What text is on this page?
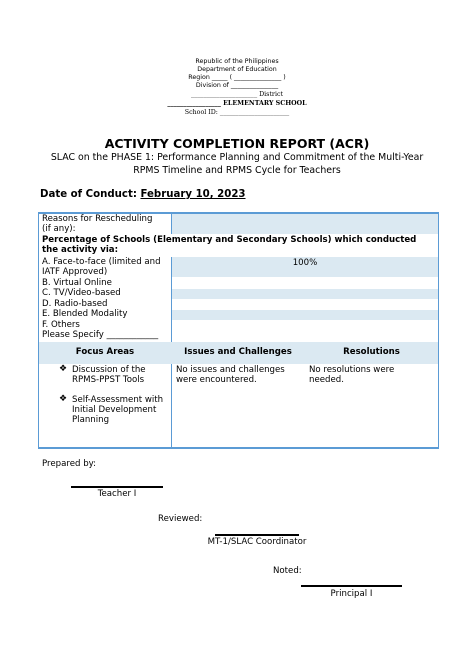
Republic of the Philippines
Department of Education
Region _____ ( _______________ )
Division of _______________
_____________________ District
_________________ ELEMENTARY SCHOOL
School ID: ______________________
ACTIVITY COMPLETION REPORT (ACR)
SLAC on the PHASE 1: Performance Planning and Commitment of the Multi-Year
RPMS Timeline and RPMS Cycle for Teachers
Date of Conduct: February 10, 2023
Reasons for Rescheduling
(if any):
Percentage of Schools (Elementary and Secondary Schools) which conducted
the activity via:
A. Face-to-face (limited and
IATF Approved)
B. Virtual Online
C. TV/Video-based
D. Radio-based
E. Blended Modality
F. Others
Please Specify ____________
100%
Focus Areas	Issues and Challenges	Resolutions
❖ Discussion of the
RPMS-PPST Tools
❖ Self-Assessment with
Initial Development
Planning
No issues and challenges
were encountered.
No resolutions were
needed.
Prepared by:
Teacher I
Reviewed:
MT-1/SLAC Coordinator
Noted:
Principal I
